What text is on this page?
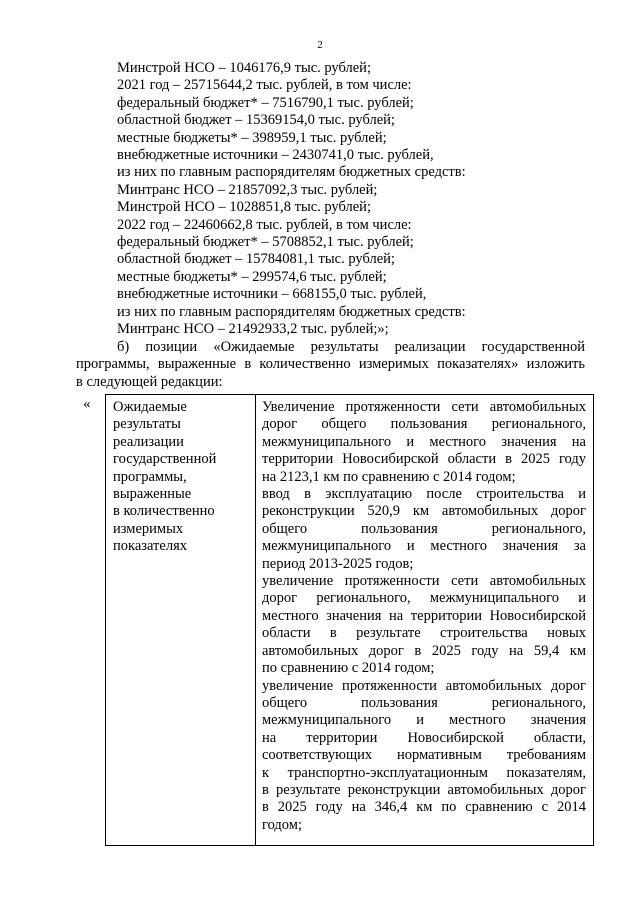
2
Минстрой НСО – 1046176,9 тыс. рублей;
2021 год – 25715644,2 тыс. рублей, в том числе:
федеральный бюджет* – 7516790,1 тыс. рублей;
областной бюджет – 15369154,0 тыс. рублей;
местные бюджеты* – 398959,1 тыс. рублей;
внебюджетные источники – 2430741,0 тыс. рублей,
из них по главным распорядителям бюджетных средств:
Минтранс НСО – 21857092,3 тыс. рублей;
Минстрой НСО – 1028851,8 тыс. рублей;
2022 год – 22460662,8 тыс. рублей, в том числе:
федеральный бюджет* – 5708852,1 тыс. рублей;
областной бюджет – 15784081,1 тыс. рублей;
местные бюджеты* – 299574,6 тыс. рублей;
внебюджетные источники – 668155,0 тыс. рублей,
из них по главным распорядителям бюджетных средств:
Минтранс НСО – 21492933,2 тыс. рублей;»;
б) позиции «Ожидаемые результаты реализации государственной
программы, выраженные в количественно измеримых показателях» изложить
в следующей редакции:
« Ожидаемые
результаты
реализации
государственной
программы,
выраженные
в количественно
измеримых
показателях
Увеличение протяженности сети автомобильных
дорог общего пользования регионального,
межмуниципального и местного значения на
территории Новосибирской области в 2025 году
на 2123,1 км по сравнению с 2014 годом;
ввод в эксплуатацию после строительства и
реконструкции 520,9 км автомобильных дорог
общего пользования регионального,
межмуниципального и местного значения за
период 2013-2025 годов;
увеличение протяженности сети автомобильных
дорог регионального, межмуниципального и
местного значения на территории Новосибирской
области в результате строительства новых
автомобильных дорог в 2025 году на 59,4 км
по сравнению с 2014 годом;
увеличение протяженности автомобильных дорог
общего пользования регионального,
межмуниципального и местного значения
на территории Новосибирской области,
соответствующих нормативным требованиям
к транспортно-эксплуатационным показателям,
в результате реконструкции автомобильных дорог
в 2025 году на 346,4 км по сравнению с 2014
годом;
